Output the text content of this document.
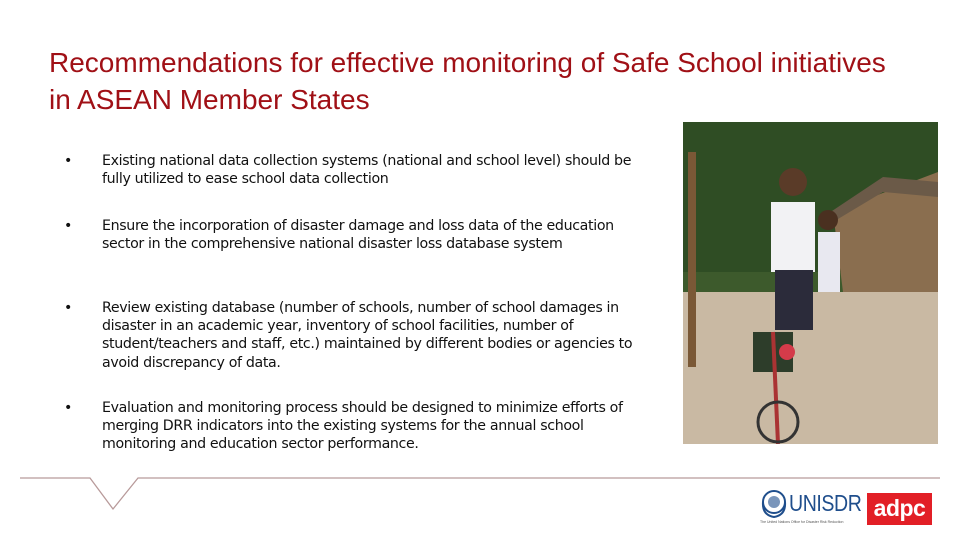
Recommendations for effective monitoring of Safe School initiatives in ASEAN Member States
• Existing national data collection systems (national and school level) should be fully utilized to ease school data collection
• Ensure the incorporation of disaster damage and loss data of the education sector in the comprehensive national disaster loss database system
• Review existing database (number of schools, number of school damages in disaster in an academic year, inventory of school facilities, number of student/teachers and staff, etc.) maintained by different bodies or agencies to avoid discrepancy of data.
• Evaluation and monitoring process should be designed to minimize efforts of merging DRR indicators into the existing systems for the annual school monitoring and education sector performance.
UNISDR
The United Nations Office for Disaster Risk Reduction
adpc
